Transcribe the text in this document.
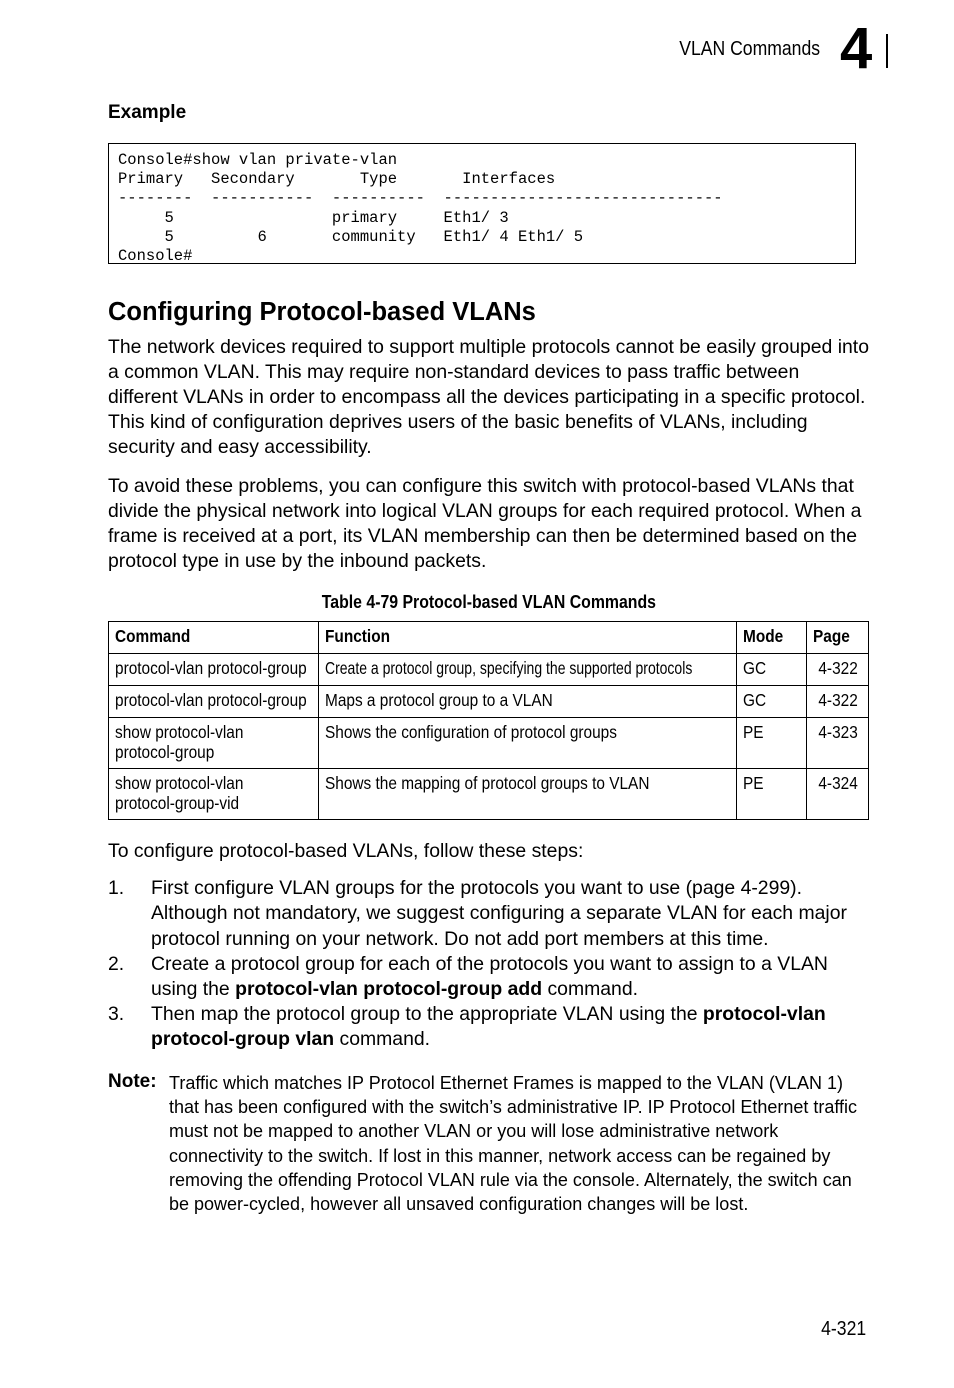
VLAN Commands 4
Example
Console#show vlan private-vlan
Primary   Secondary       Type       Interfaces
--------  -----------  ----------  ------------------------------
5                 primary     Eth1/ 3
5         6       community   Eth1/ 4 Eth1/ 5
Console#
Configuring Protocol-based VLANs

The network devices required to support multiple protocols cannot be easily grouped into a common VLAN. This may require non-standard devices to pass traffic between different VLANs in order to encompass all the devices participating in a specific protocol. This kind of configuration deprives users of the basic benefits of VLANs, including security and easy accessibility.

To avoid these problems, you can configure this switch with protocol-based VLANs that divide the physical network into logical VLAN groups for each required protocol. When a frame is received at a port, its VLAN membership can then be determined based on the protocol type in use by the inbound packets.

Table 4-79 Protocol-based VLAN Commands
Command	Function	Mode	Page
protocol-vlan protocol-group	Create a protocol group, specifying the supported protocols	GC	4-322
protocol-vlan protocol-group	Maps a protocol group to a VLAN	GC	4-322
show protocol-vlan
protocol-group	Shows the configuration of protocol groups	PE	4-323
show protocol-vlan
protocol-group-vid	Shows the mapping of protocol groups to VLAN	PE	4-324
To configure protocol-based VLANs, follow these steps:
1. First configure VLAN groups for the protocols you want to use (page 4-299). Although not mandatory, we suggest configuring a separate VLAN for each major protocol running on your network. Do not add port members at this time.
2. Create a protocol group for each of the protocols you want to assign to a VLAN using the protocol-vlan protocol-group add command.
3. Then map the protocol group to the appropriate VLAN using the protocol-vlan protocol-group vlan command.
Note: Traffic which matches IP Protocol Ethernet Frames is mapped to the VLAN (VLAN 1) that has been configured with the switch’s administrative IP. IP Protocol Ethernet traffic must not be mapped to another VLAN or you will lose administrative network connectivity to the switch. If lost in this manner, network access can be regained by removing the offending Protocol VLAN rule via the console. Alternately, the switch can be power-cycled, however all unsaved configuration changes will be lost.
4-321
